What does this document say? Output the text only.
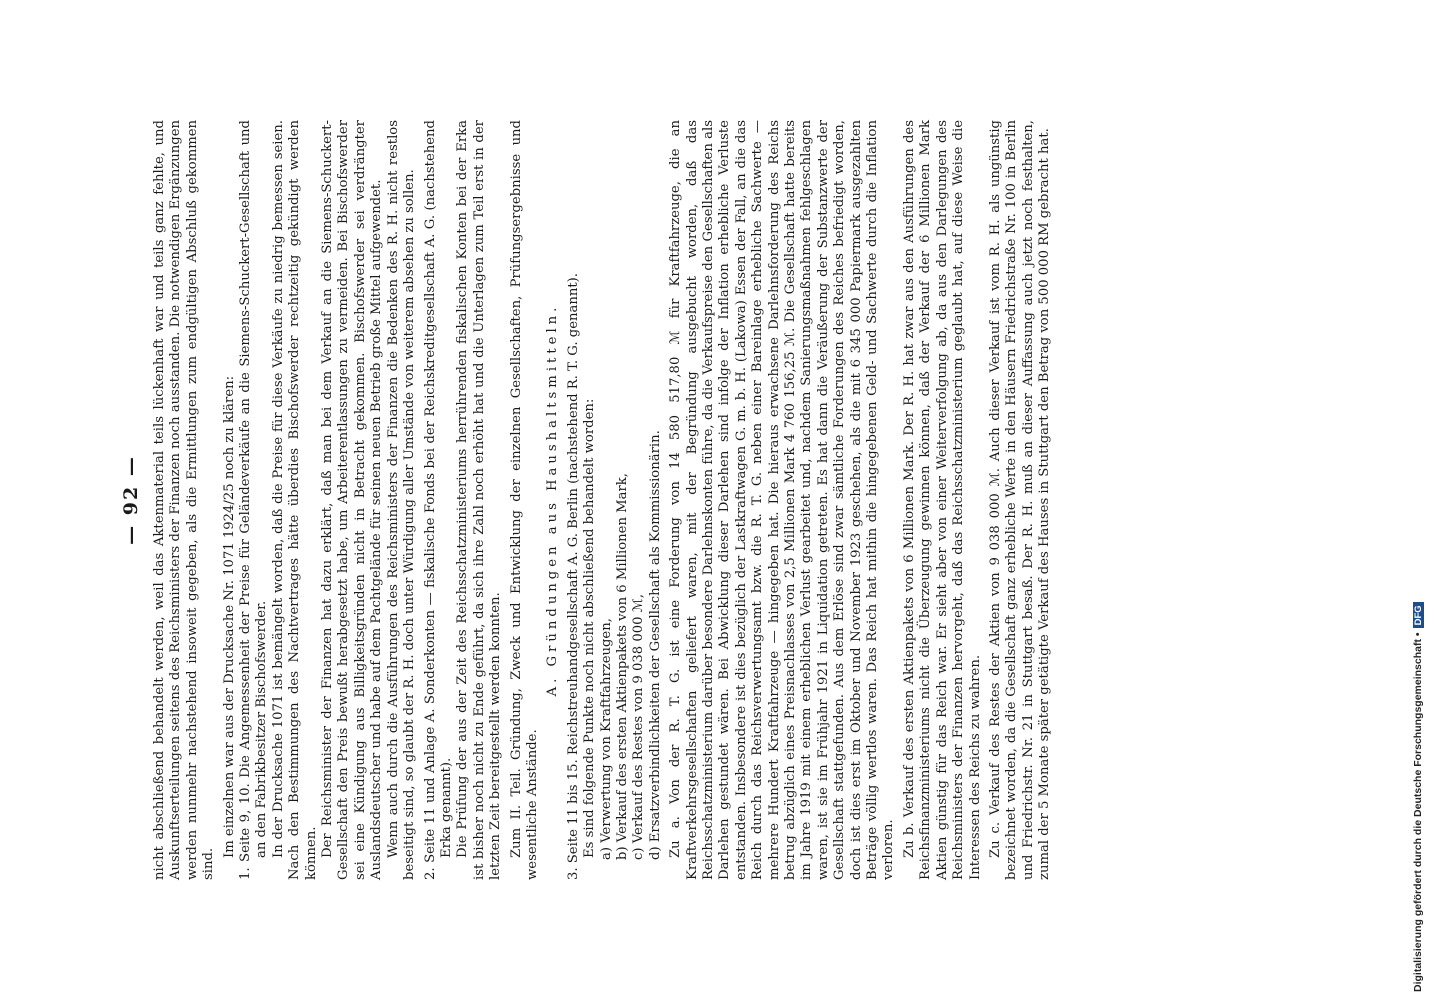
— 92 — nicht abschließend behandelt werden, weil das Aktenmaterial teils lückenhaft war und teils ganz fehlte, und Auskunftserteilungen seitens des Reichsministers der Finanzen noch ausstanden. Die notwendigen Ergänzungen werden nunmehr nachstehend insoweit gegeben, als die Ermittlungen zum endgültigen Abschluß gekommen sind.

Im einzelnen war aus der Drucksache Nr. 1071 1924/25 noch zu klären: 1. Seite 9, 10. Die Angemessenheit der Preise für Geländeverkäufe an die Siemens-Schuckert-Gesellschaft und an den Fabrikbesitzer Bischofswerder. In der Drucksache 1071 ist bemängelt worden, daß die Preise für diese Verkäufe zu niedrig bemessen seien. Nach den Bestimmungen des Nachtvertrages hätte überdies Bischofswerder rechtzeitig gekündigt werden können. Der Reichsminister der Finanzen hat dazu erklärt, daß man bei dem Verkauf an die Siemens-Schuckert-Gesellschaft den Preis bewußt herabgesetzt habe, um Arbeiterentlassungen zu vermeiden. Bei Bischofswerder sei eine Kündigung aus Billigkeitsgründen nicht in Betracht gekommen. Bischofswerder sei verdrängter Auslandsdeutscher und habe auf dem Pachtgelände für seinen neuen Betrieb große Mittel aufgewendet. Wenn auch durch die Ausführungen des Reichsministers der Finanzen die Bedenken des R. H. nicht restlos beseitigt sind, so glaubt der R. H. doch unter Würdigung aller Umstände von weiterem absehen zu sollen. 2. Seite 11 und Anlage A. Sonderkonten — fiskalische Fonds bei der Reichskreditgesellschaft A. G. (nachstehend Erka genannt). Die Prüfung der aus der Zeit des Reichsschatzministeriums herrührenden fiskalischen Konten bei der Erka ist bisher noch nicht zu Ende geführt, da sich ihre Zahl noch erhöht hat und die Unterlagen zum Teil erst in der letzten Zeit bereitgestellt werden konnten. Zum II. Teil. Gründung, Zweck und Entwicklung der einzelnen Gesellschaften, Prüfungsergebnisse und wesentliche Anstände.

A. Gründungen aus Haushaltsmitteln. 3. Seite 11 bis 15. Reichstreuhandgesellschaft A. G. Berlin (nachstehend R. T. G. genannt). Es sind folgende Punkte noch nicht abschließend behandelt worden: a) Verwertung von Kraftfahrzeugen, b) Verkauf des ersten Aktienpakets von 6 Millionen Mark, c) Verkauf des Restes von 9 038 000 ℳ, d) Ersatzverbindlichkeiten der Gesellschaft als Kommissionärin. Zu a. Von der R. T. G. ist eine Forderung von 14 580 517,80 ℳ für Kraftfahrzeuge, die an Kraftverkehrsgesellschaften geliefert waren, mit der Begründung ausgebucht worden, daß das Reichsschatzministerium darüber besondere Darlehnskonten führe, da die Verkaufspreise den Gesellschaften als Darlehen gestundet wären. Bei Abwicklung dieser Darlehen sind infolge der Inflation erhebliche Verluste entstanden. Insbesondere ist dies bezüglich der Lastkraftwagen G. m. b. H. (Lakowa) Essen der Fall, an die das Reich durch das Reichsverwertungsamt bzw. die R. T. G. neben einer Bareinlage erhebliche Sachwerte — mehrere Hundert Kraftfahrzeuge — hingegeben hat. Die hieraus erwachsene Darlehnsforderung des Reichs betrug abzüglich eines Preisnachlasses von 2,5 Millionen Mark 4 760 156,25 ℳ. Die Gesellschaft hatte bereits im Jahre 1919 mit einem erheblichen Verlust gearbeitet und, nachdem Sanierungsmaßnahmen fehlgeschlagen waren, ist sie im Frühjahr 1921 in Liquidation getreten. Es hat dann die Veräußerung der Substanzwerte der Gesellschaft stattgefunden. Aus dem Erlöse sind zwar sämtliche Forderungen des Reiches befriedigt worden, doch ist dies erst im Oktober und November 1923 geschehen, als die mit 6 345 000 Papiermark ausgezahlten Beträge völlig wertlos waren. Das Reich hat mithin die hingegebenen Geld- und Sachwerte durch die Inflation verloren. Zu b. Verkauf des ersten Aktienpakets von 6 Millionen Mark. Der R. H. hat zwar aus den Ausführungen des Reichsfinanzministeriums nicht die Überzeugung gewinnen können, daß der Verkauf der 6 Millionen Mark Aktien günstig für das Reich war. Er sieht aber von einer Weiterverfolgung ab, da aus den Darlegungen des Reichsministers der Finanzen hervorgeht, daß das Reichsschatzministerium geglaubt hat, auf diese Weise die Interessen des Reichs zu wahren. Zu c. Verkauf des Restes der Aktien von 9 038 000 ℳ. Auch dieser Verkauf ist vom R. H. als ungünstig bezeichnet worden, da die Gesellschaft ganz erhebliche Werte in den Häusern Friedrichstraße Nr. 100 in Berlin und Friedrichstr. Nr. 21 in Stuttgart besaß. Der R. H. muß an dieser Auffassung auch jetzt noch festhalten, zumal der 5 Monate später getätigte Verkauf des Hauses in Stuttgart den Betrag von 500 000 RM gebracht hat.	Digitalisierung gefördert durch die Deutsche Forschungsgemeinschaft •DFG
